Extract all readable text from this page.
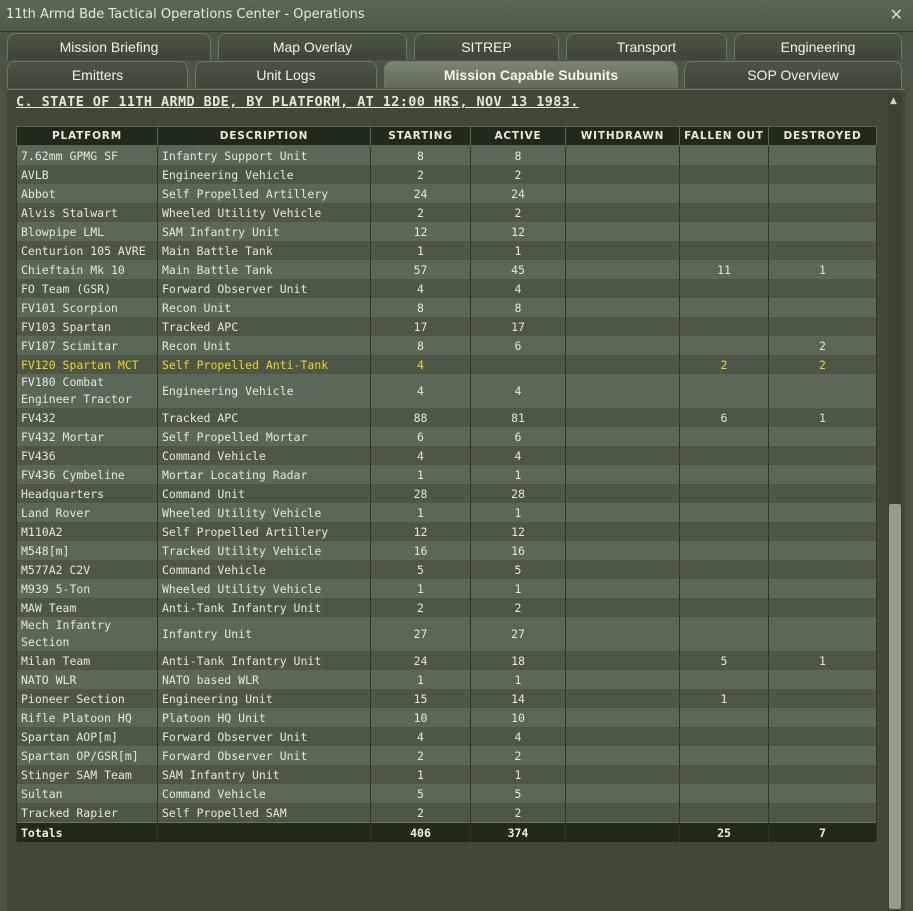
11th Armd Bde Tactical Operations Center - Operations	✕
Mission Briefing	Map Overlay	SITREP	Transport	Engineering
Emitters	Unit Logs	Mission Capable Subunits	SOP Overview
C. STATE OF 11TH ARMD BDE, BY PLATFORM, AT 12:00 HRS, NOV 13 1983.
PLATFORM	DESCRIPTION	STARTING	ACTIVE	WITHDRAWN	FALLEN OUT	DESTROYED
7.62mm GPMG SF	Infantry Support Unit	8	8			
AVLB	Engineering Vehicle	2	2			
Abbot	Self Propelled Artillery	24	24			
Alvis Stalwart	Wheeled Utility Vehicle	2	2			
Blowpipe LML	SAM Infantry Unit	12	12			
Centurion 105 AVRE	Main Battle Tank	1	1			
Chieftain Mk 10	Main Battle Tank	57	45		11	1
FO Team (GSR)	Forward Observer Unit	4	4			
FV101 Scorpion	Recon Unit	8	8			
FV103 Spartan	Tracked APC	17	17			
FV107 Scimitar	Recon Unit	8	6			2
FV120 Spartan MCT	Self Propelled Anti-Tank	4			2	2
FV180 Combat Engineer Tractor	Engineering Vehicle	4	4			
FV432	Tracked APC	88	81		6	1
FV432 Mortar	Self Propelled Mortar	6	6			
FV436	Command Vehicle	4	4			
FV436 Cymbeline	Mortar Locating Radar	1	1			
Headquarters	Command Unit	28	28			
Land Rover	Wheeled Utility Vehicle	1	1			
M110A2	Self Propelled Artillery	12	12			
M548[m]	Tracked Utility Vehicle	16	16			
M577A2 C2V	Command Vehicle	5	5			
M939 5-Ton	Wheeled Utility Vehicle	1	1			
MAW Team	Anti-Tank Infantry Unit	2	2			
Mech Infantry Section	Infantry Unit	27	27			
Milan Team	Anti-Tank Infantry Unit	24	18		5	1
NATO WLR	NATO based WLR	1	1			
Pioneer Section	Engineering Unit	15	14		1	
Rifle Platoon HQ	Platoon HQ Unit	10	10			
Spartan AOP[m]	Forward Observer Unit	4	4			
Spartan OP/GSR[m]	Forward Observer Unit	2	2			
Stinger SAM Team	SAM Infantry Unit	1	1			
Sultan	Command Vehicle	5	5			
Tracked Rapier	Self Propelled SAM	2	2			
Totals		406	374		25	7
▲
